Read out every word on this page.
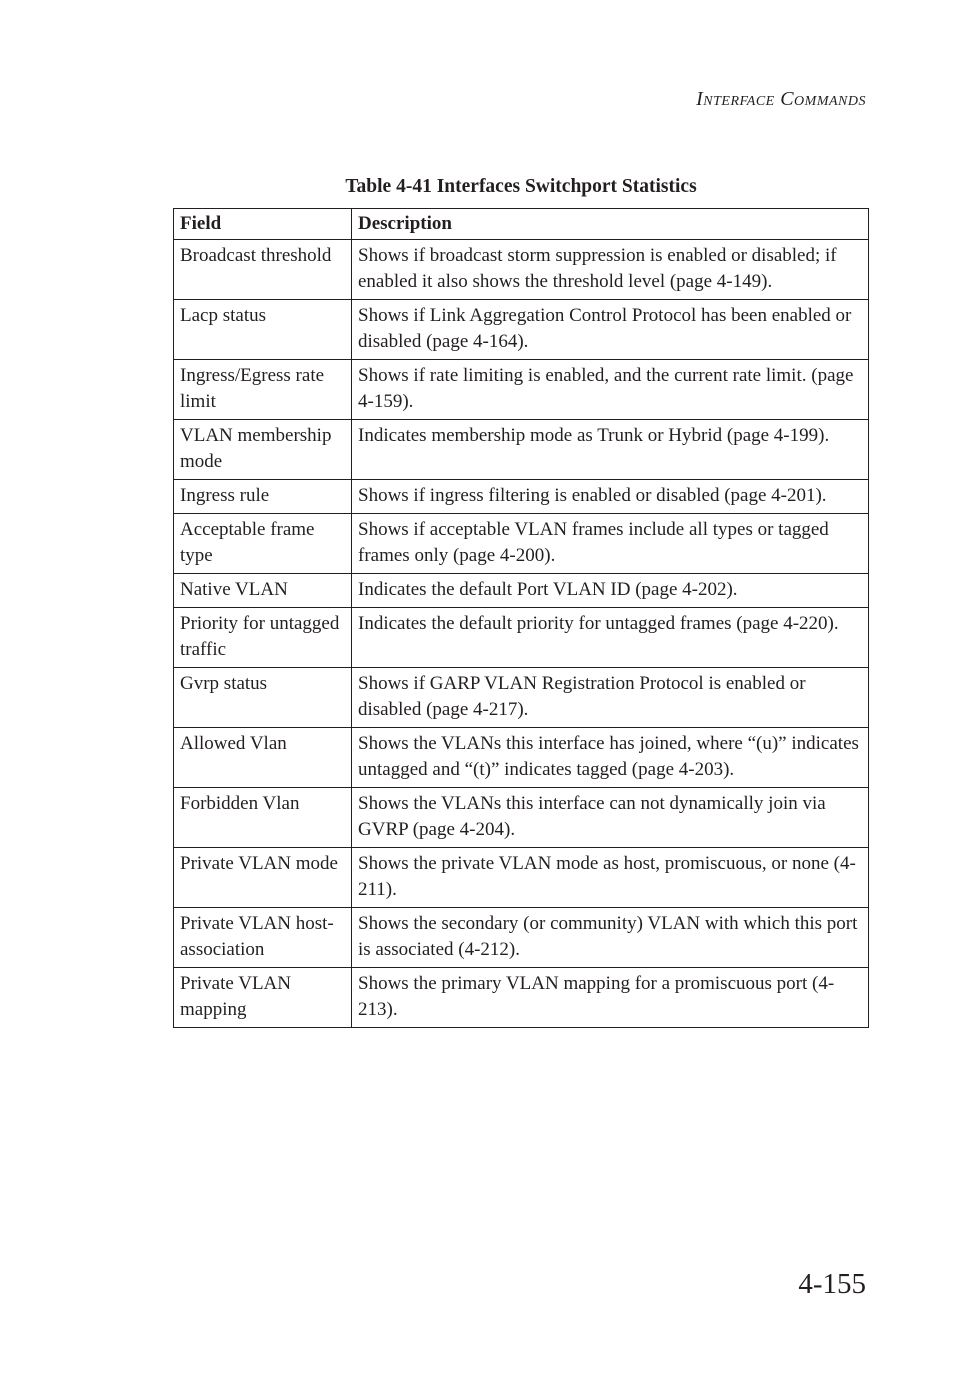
Interface Commands
Table 4-41 Interfaces Switchport Statistics
Field	Description
Broadcast threshold	Shows if broadcast storm suppression is enabled or disabled; if enabled it also shows the threshold level (page 4-149).
Lacp status	Shows if Link Aggregation Control Protocol has been enabled or disabled (page 4-164).
Ingress/Egress rate limit	Shows if rate limiting is enabled, and the current rate limit. (page 4-159).
VLAN membership mode	Indicates membership mode as Trunk or Hybrid (page 4-199).
Ingress rule	Shows if ingress filtering is enabled or disabled (page 4-201).
Acceptable frame type	Shows if acceptable VLAN frames include all types or tagged frames only (page 4-200).
Native VLAN	Indicates the default Port VLAN ID (page 4-202).
Priority for untagged traffic	Indicates the default priority for untagged frames (page 4-220).
Gvrp status	Shows if GARP VLAN Registration Protocol is enabled or disabled (page 4-217).
Allowed Vlan	Shows the VLANs this interface has joined, where “(u)” indicates untagged and “(t)” indicates tagged (page 4-203).
Forbidden Vlan	Shows the VLANs this interface can not dynamically join via GVRP (page 4-204).
Private VLAN mode	Shows the private VLAN mode as host, promiscuous, or none (4-211).
Private VLAN host-association	Shows the secondary (or community) VLAN with which this port is associated (4-212).
Private VLAN mapping	Shows the primary VLAN mapping for a promiscuous port (4-213).
4-155
